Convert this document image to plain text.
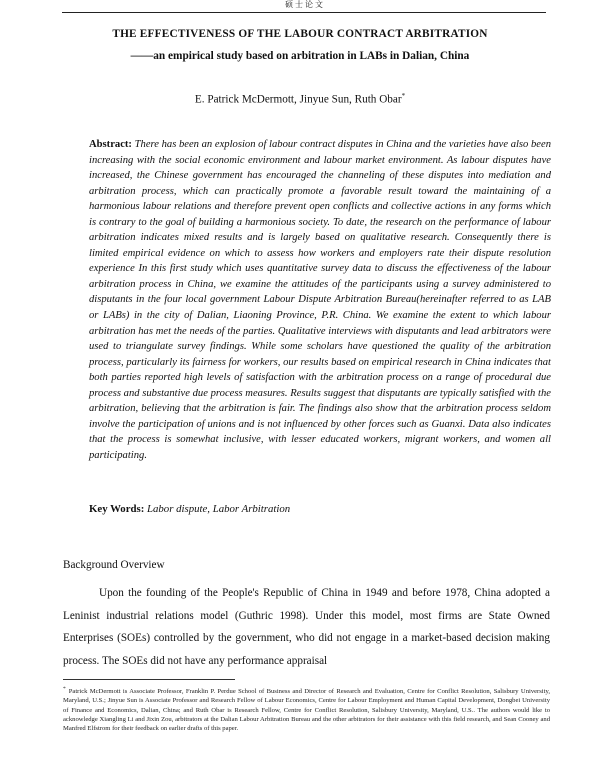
硕 士 论 文
THE EFFECTIVENESS OF THE LABOUR CONTRACT ARBITRATION
——an empirical study based on arbitration in LABs in Dalian, China
E. Patrick McDermott, Jinyue Sun, Ruth Obar*
Abstract: There has been an explosion of labour contract disputes in China and the varieties have also been increasing with the social economic environment and labour market environment. As labour disputes have increased, the Chinese government has encouraged the channeling of these disputes into mediation and arbitration process, which can practically promote a favorable result toward the maintaining of a harmonious labour relations and therefore prevent open conflicts and collective actions in any forms which is contrary to the goal of building a harmonious society. To date, the research on the performance of labour arbitration indicates mixed results and is largely based on qualitative research. Consequently there is limited empirical evidence on which to assess how workers and employers rate their dispute resolution experience In this first study which uses quantitative survey data to discuss the effectiveness of the labour arbitration process in China, we examine the attitudes of the participants using a survey administered to disputants in the four local government Labour Dispute Arbitration Bureau(hereinafter referred to as LAB or LABs) in the city of Dalian, Liaoning Province, P.R. China. We examine the extent to which labour arbitration has met the needs of the parties. Qualitative interviews with disputants and lead arbitrators were used to triangulate survey findings. While some scholars have questioned the quality of the arbitration process, particularly its fairness for workers, our results based on empirical research in China indicates that both parties reported high levels of satisfaction with the arbitration process on a range of procedural due process and substantive due process measures. Results suggest that disputants are typically satisfied with the arbitration, believing that the arbitration is fair. The findings also show that the arbitration process seldom involve the participation of unions and is not influenced by other forces such as Guanxi. Data also indicates that the process is somewhat inclusive, with lesser educated workers, migrant workers, and women all participating.
Key Words: Labor dispute, Labor Arbitration
Background Overview
Upon the founding of the People's Republic of China in 1949 and before 1978, China adopted a Leninist industrial relations model (Guthric 1998). Under this model, most firms are State Owned Enterprises (SOEs) controlled by the government, who did not engage in a market-based decision making process. The SOEs did not have any performance appraisal
* Patrick McDermott is Associate Professor, Franklin P. Perdue School of Business and Director of Research and Evaluation, Centre for Conflict Resolution, Salisbury University, Maryland, U.S.; Jinyue Sun is Associate Professor and Research Fellow of Labour Economics, Centre for Labour Employment and Human Capital Development, Dongbei University of Finance and Economics, Dalian, China; and Ruth Obar is Research Fellow, Centre for Conflict Resolution, Salisbury University, Maryland, U.S.. The authors would like to acknowledge Xiangling Li and Jixin Zou, arbitrators at the Dalian Labour Arbitration Bureau and the other arbitrators for their assistance with this field research, and Sean Cooney and Manfred Elfstrom for their feedback on earlier drafts of this paper.
